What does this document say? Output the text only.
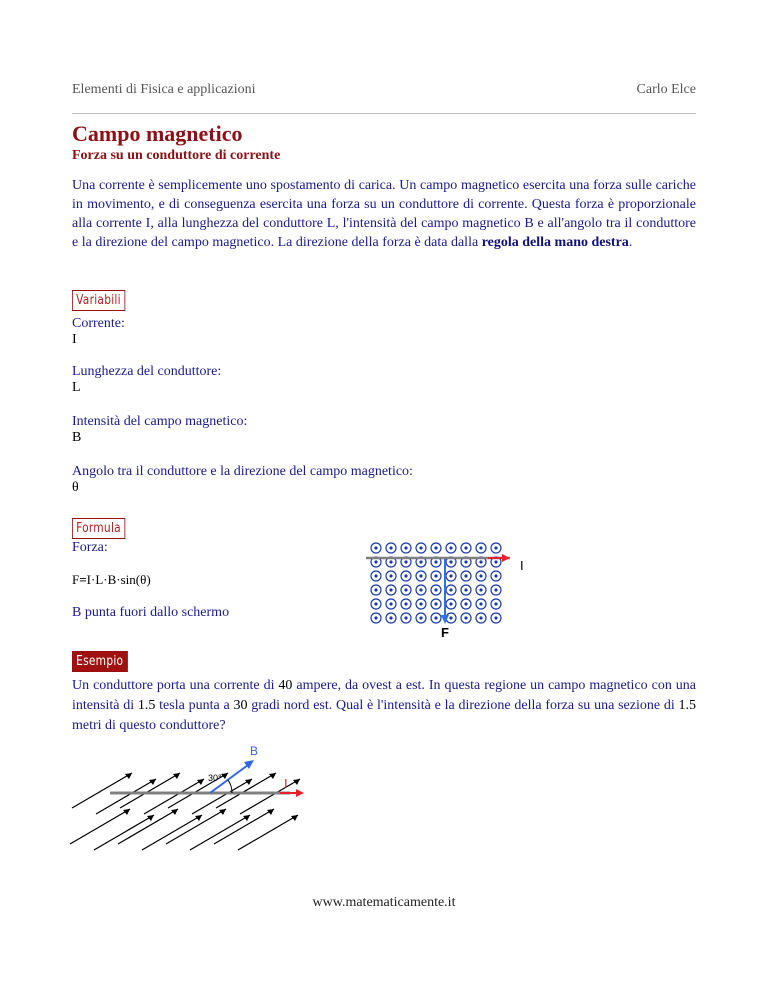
Elementi di Fisica e applicazioni	Carlo Elce
Campo magnetico
Forza su un conduttore di corrente
Una corrente è semplicemente uno spostamento di carica. Un campo magnetico esercita una forza sulle cariche in movimento, e di conseguenza esercita una forza su un conduttore di corrente. Questa forza è proporzionale alla corrente I, alla lunghezza del conduttore L, l'intensità del campo magnetico B e all'angolo tra il conduttore e la direzione del campo magnetico. La direzione della forza è data dalla regola della mano destra.
Variabili
Corrente:
I
Lunghezza del conduttore:
L
Intensità del campo magnetico:
B
Angolo tra il conduttore e la direzione del campo magnetico:
θ
Formula
Forza:
F=I·L·B·sin(θ)
B punta fuori dallo schermo
I
F
Esempio
Un conduttore porta una corrente di 40 ampere, da ovest a est. In questa regione un campo magnetico con una intensità di 1.5 tesla punta a 30 gradi nord est. Qual è l'intensità e la direzione della forza su una sezione di 1.5 metri di questo conduttore?
30°
B
I
www.matematicamente.it
